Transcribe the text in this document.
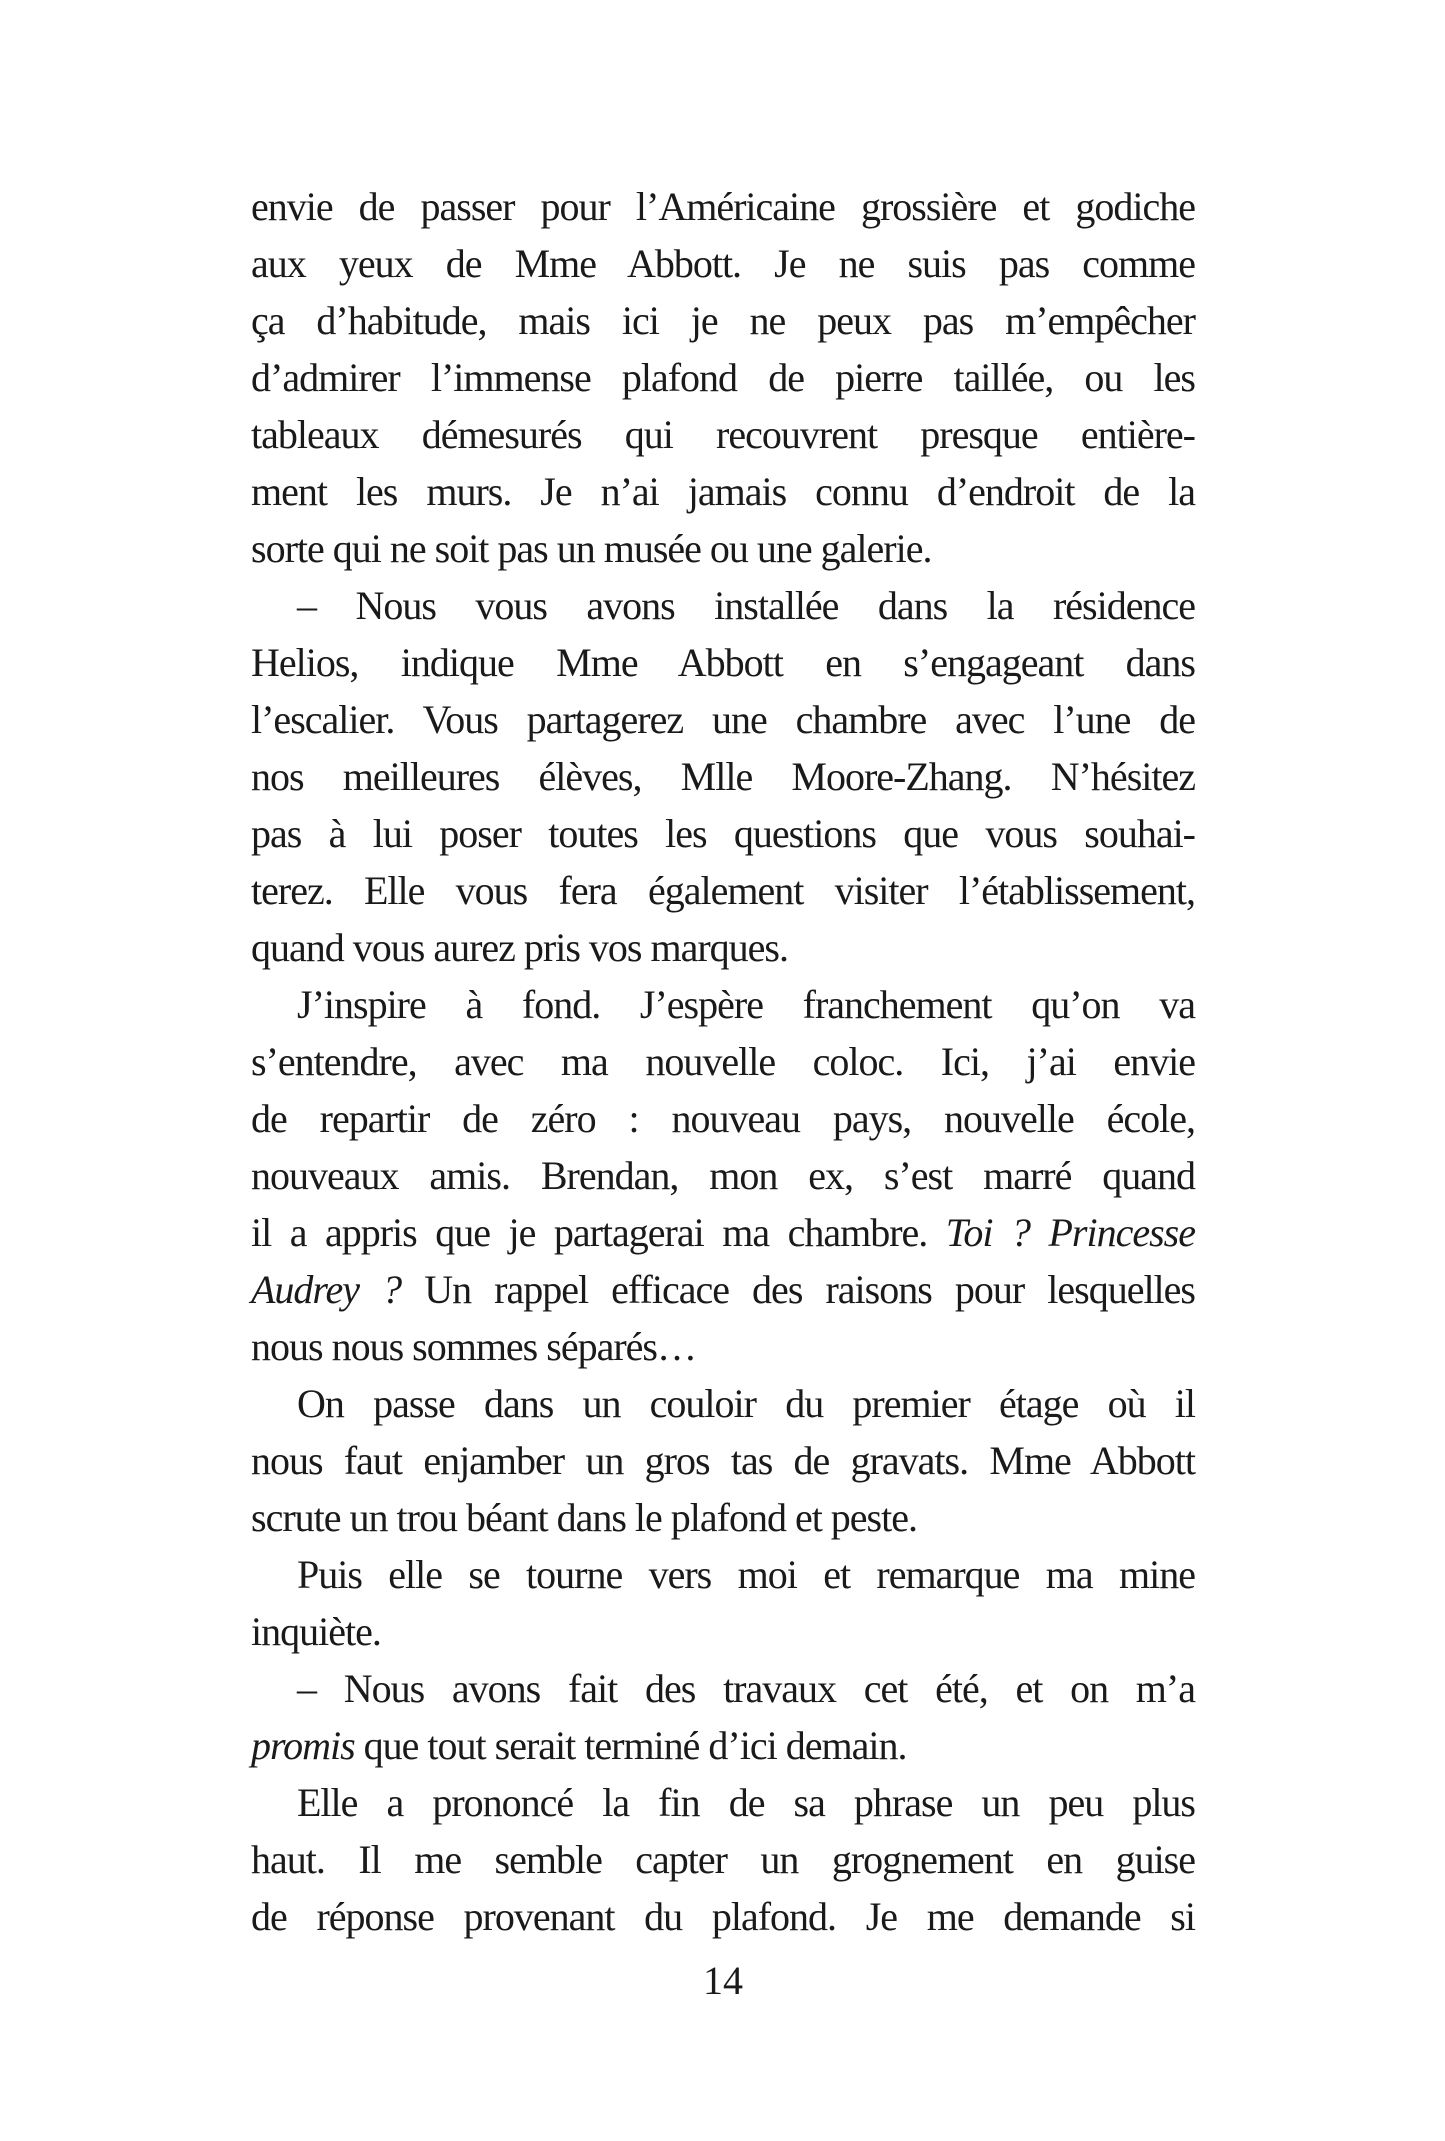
envie de passer pour l’Américaine grossière et godiche
aux yeux de Mme Abbott. Je ne suis pas comme
ça d’habitude, mais ici je ne peux pas m’empêcher
d’admirer l’immense plafond de pierre taillée, ou les
tableaux démesurés qui recouvrent presque entière-
ment les murs. Je n’ai jamais connu d’endroit de la
sorte qui ne soit pas un musée ou une galerie.
– Nous vous avons installée dans la résidence
Helios, indique Mme Abbott en s’engageant dans
l’escalier. Vous partagerez une chambre avec l’une de
nos meilleures élèves, Mlle Moore-Zhang. N’hésitez
pas à lui poser toutes les questions que vous souhai-
terez. Elle vous fera également visiter l’établissement,
quand vous aurez pris vos marques.
J’inspire à fond. J’espère franchement qu’on va
s’entendre, avec ma nouvelle coloc. Ici, j’ai envie
de repartir de zéro : nouveau pays, nouvelle école,
nouveaux amis. Brendan, mon ex, s’est marré quand
il a appris que je partagerai ma chambre. Toi ? Princesse
Audrey ? Un rappel efficace des raisons pour lesquelles
nous nous sommes séparés…
On passe dans un couloir du premier étage où il
nous faut enjamber un gros tas de gravats. Mme Abbott
scrute un trou béant dans le plafond et peste.
Puis elle se tourne vers moi et remarque ma mine
inquiète.
– Nous avons fait des travaux cet été, et on m’a
promis que tout serait terminé d’ici demain.
Elle a prononcé la fin de sa phrase un peu plus
haut. Il me semble capter un grognement en guise
de réponse provenant du plafond. Je me demande si
14
